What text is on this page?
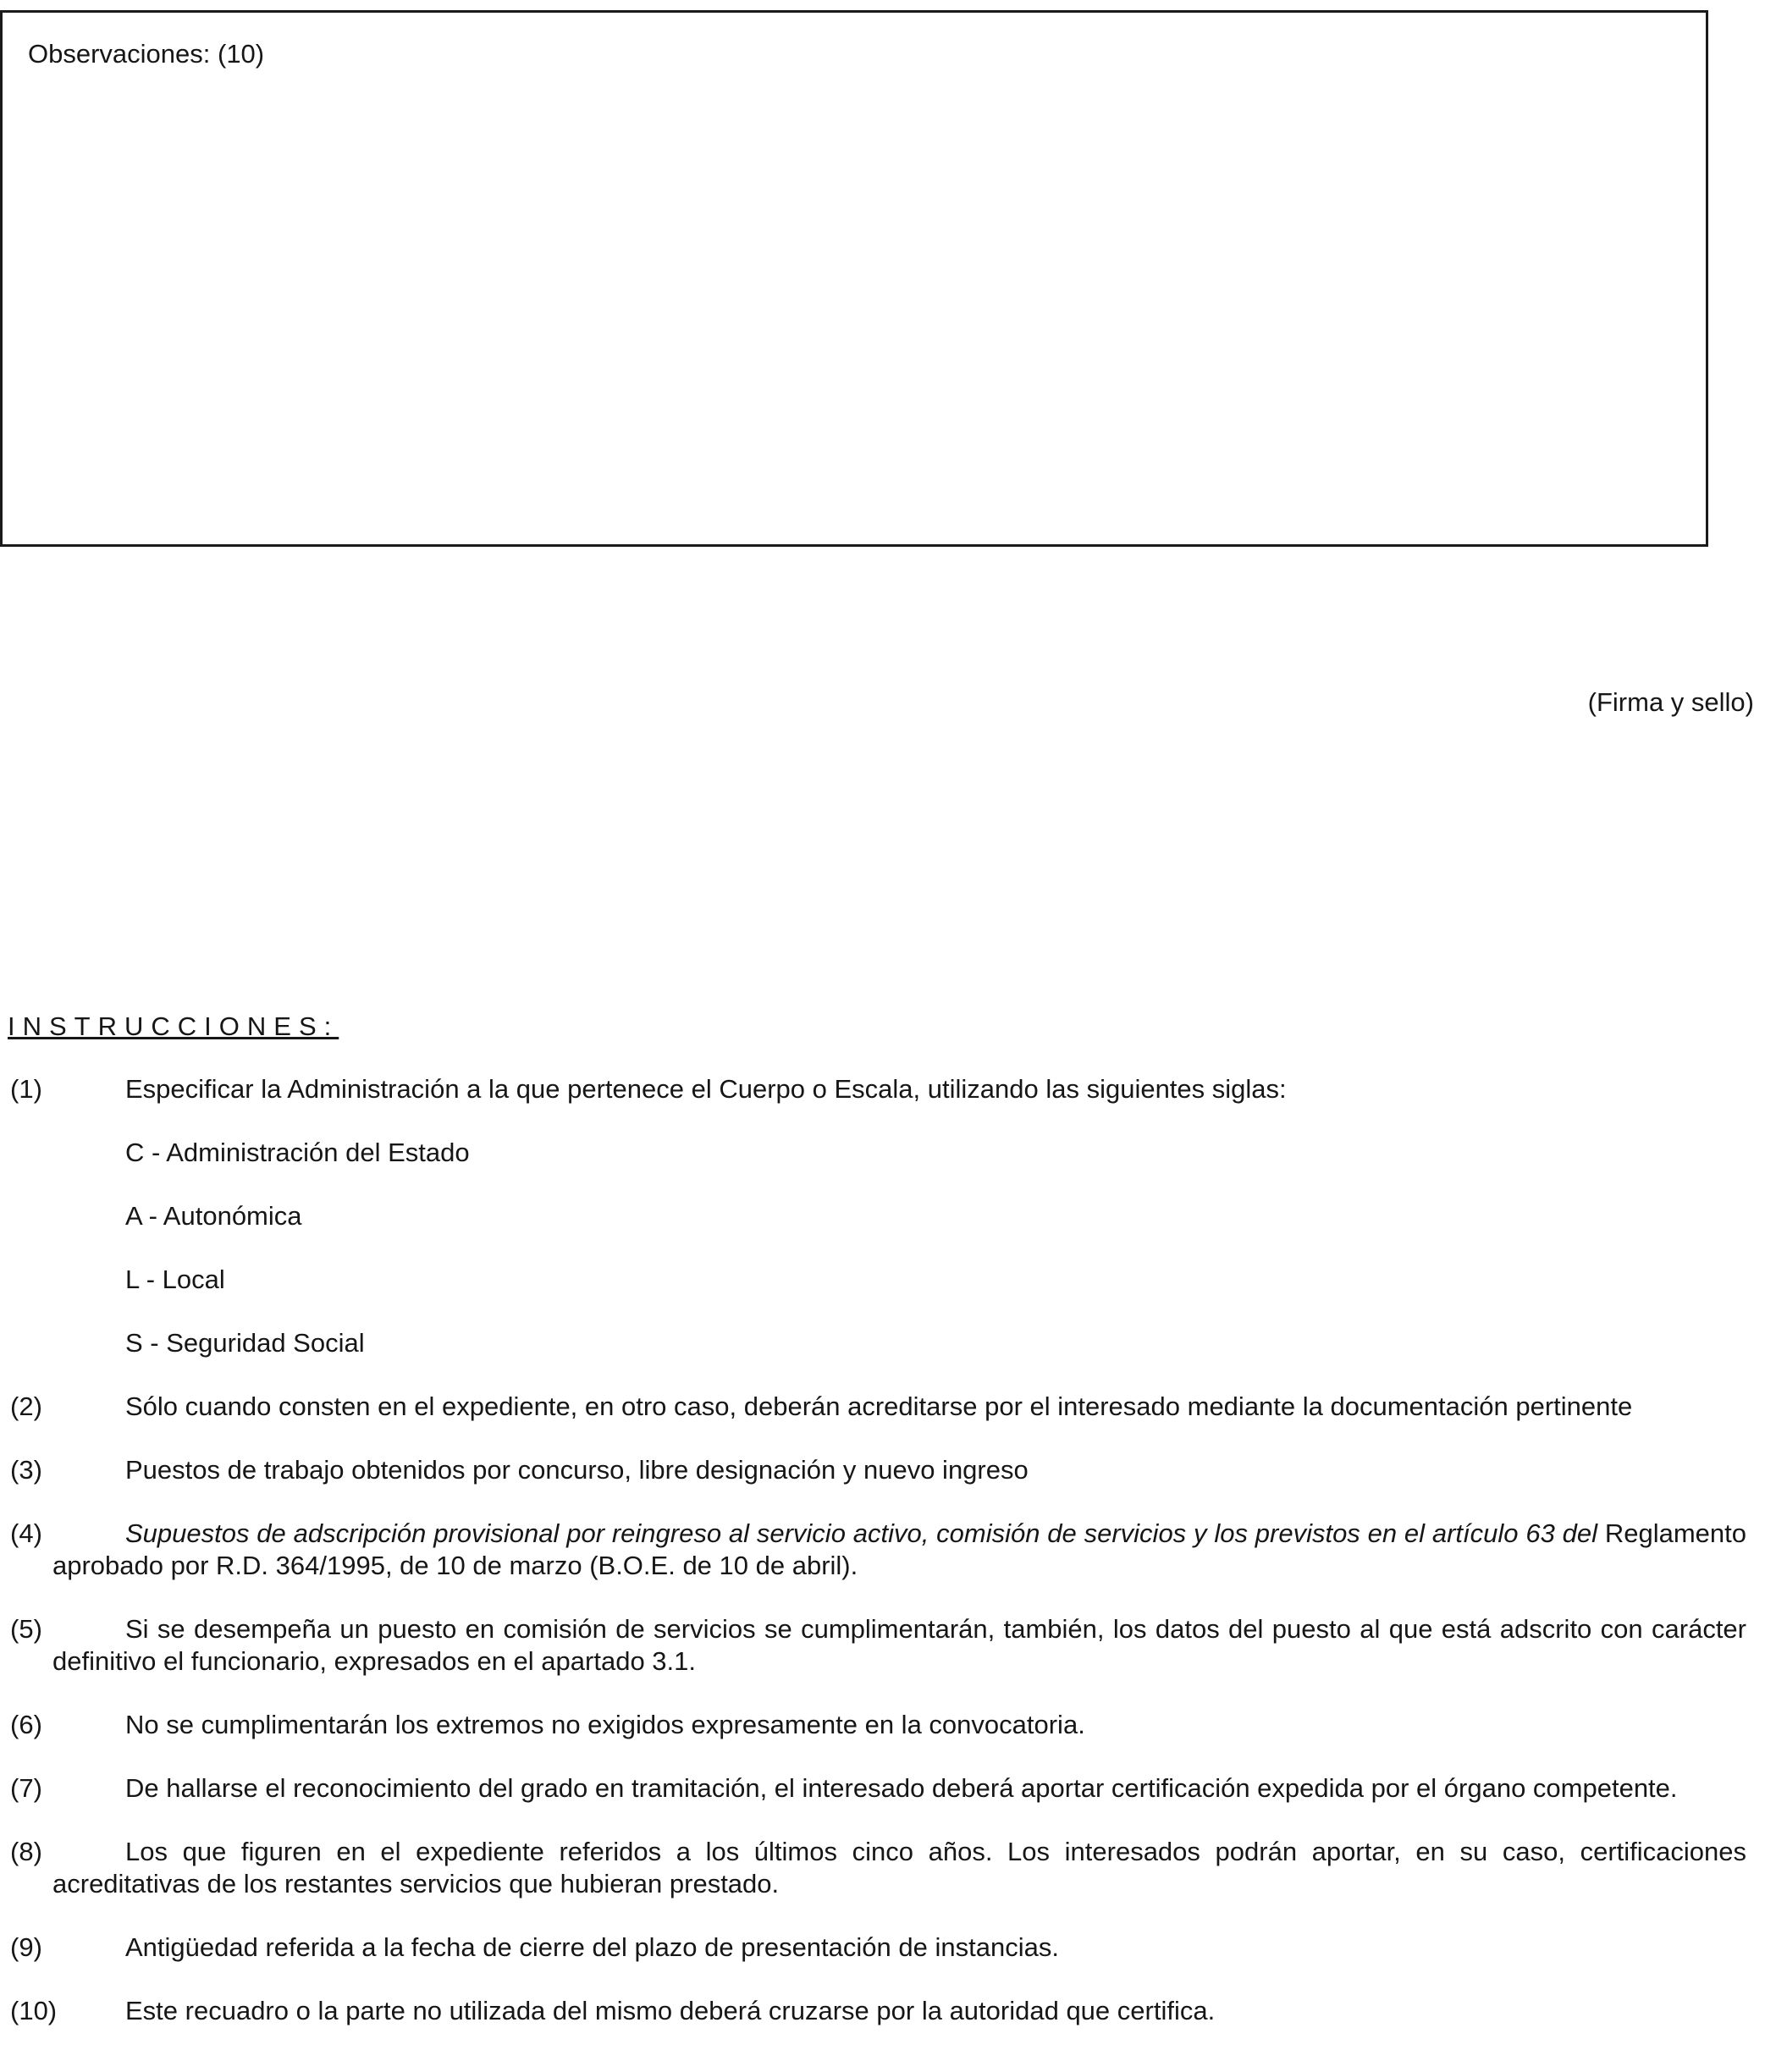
Observaciones: (10)
(Firma y sello)
INSTRUCCIONES:
(1)	Especificar la Administración a la que pertenece el Cuerpo o Escala, utilizando las siguientes siglas:
C - Administración del Estado
A - Autonómica
L - Local
S - Seguridad Social
(2)	Sólo cuando consten en el expediente, en otro caso, deberán acreditarse por el interesado mediante la documentación pertinente
(3)	Puestos de trabajo obtenidos por concurso, libre designación y nuevo ingreso
(4)	Supuestos de adscripción provisional por reingreso al servicio activo, comisión de servicios y los previstos en el artículo 63 del Reglamento aprobado por R.D. 364/1995, de 10 de marzo (B.O.E. de 10 de abril).
(5)	Si se desempeña un puesto en comisión de servicios se cumplimentarán, también, los datos del puesto al que está adscrito con carácter definitivo el funcionario, expresados en el apartado 3.1.
(6)	No se cumplimentarán los extremos no exigidos expresamente en la convocatoria.
(7)	De hallarse el reconocimiento del grado en tramitación, el interesado deberá aportar certificación expedida por el órgano competente.
(8)	Los que figuren en el expediente referidos a los últimos cinco años. Los interesados podrán aportar, en su caso, certificaciones acreditativas de los restantes servicios que hubieran prestado.
(9)	Antigüedad referida a la fecha de cierre del plazo de presentación de instancias.
(10)	Este recuadro o la parte no utilizada del mismo deberá cruzarse por la autoridad que certifica.
